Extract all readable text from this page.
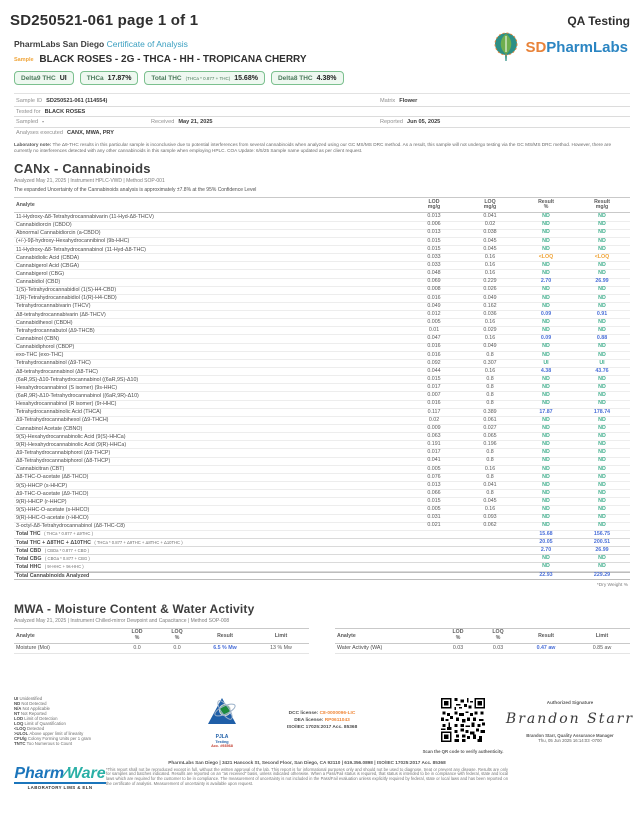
SD250521-061 page 1 of 1	QA Testing
PharmLabs San Diego Certificate of Analysis
Sample BLACK ROSES - 2G - THCA - HH - TROPICANA CHERRY
Delta9 THC UI	THCa 17.87%	Total THC (THCa * 0.877 + THC) 15.68%	Delta8 THC 4.38%
SDPharmLabs
Sample ID SD250521-061 (114554)	Matrix Flower
Tested for BLACK ROSES
Sampled -	Received May 21, 2025	Reported Jun 05, 2025
Analyses executed CANX, MWA, PRY
Laboratory note: The Δ9-THC results in this particular sample is inconclusive due to potential interferences from several cannabinoids when analyzed using our GC MS/MS DRC method. As a result, this sample will not undergo testing via the GC MS/MS DRC method. However, there are currently no interferences detected with any other cannabinoids in this sample when employing HPLC. COA Update: 6/5/25 Sample name updated as per client request.
CANx - Cannabinoids
Analyzed May 21, 2025 | Instrument HPLC-VWD | Method SOP-001
The expanded Uncertainty of the Cannabinoids analysis is approximately ±7.8% at the 95% Confidence Level
Analyte
LOD
mg/g
LOQ
mg/g
Result
%
Result
mg/g
11-Hydroxy-Δ8-Tetrahydrocannabivarin (11-Hyd-Δ8-THCV)	0.013	0.041	ND	ND
Cannabidiorcin (CBDO)	0.006	0.02	ND	ND
Abnormal Cannabidiorcin (a-CBDO)	0.013	0.038	ND	ND
(+/-)-9β-hydroxy-Hexahydrocannibinol (9b-HHC)	0.015	0.045	ND	ND
11-Hydroxy-Δ8-Tetrahydrocannabinol (11-Hyd-Δ8-THC)	0.015	0.045	ND	ND
Cannabidiolic Acid (CBDA)	0.033	0.16	<LOQ	<LOQ
Cannabigerol Acid (CBGA)	0.033	0.16	ND	ND
Cannabigerol (CBG)	0.048	0.16	ND	ND
Cannabidiol (CBD)	0.069	0.229	2.70	26.99
1(S)-Tetrahydrocannabidiol (1(S)-H4-CBD)	0.008	0.026	ND	ND
1(R)-Tetrahydrocannabidiol (1(R)-H4-CBD)	0.016	0.049	ND	ND
Tetrahydrocannabivarin (THCV)	0.049	0.162	ND	ND
Δ8-tetrahydrocannabivarin (Δ8-THCV)	0.012	0.036	0.09	0.91
Cannabidihexol (CBDH)	0.005	0.16	ND	ND
Tetrahydrocannabutol (Δ9-THCB)	0.01	0.029	ND	ND
Cannabinol (CBN)	0.047	0.16	0.09	0.88
Cannabidiphorol (CBDP)	0.016	0.049	ND	ND
exo-THC (exo-THC)	0.016	0.8	ND	ND
Tetrahydrocannabinol (Δ9-THC)	0.092	0.307	UI	UI
Δ8-tetrahydrocannabinol (Δ8-THC)	0.044	0.16	4.38	43.76
(6aR,9S)-Δ10-Tetrahydrocannabinol ((6aR,9S)-Δ10)	0.015	0.8	ND	ND
Hexahydrocannabinol (S isomer) (9s-HHC)	0.017	0.8	ND	ND
(6aR,9R)-Δ10-Tetrahydrocannabinol ((6aR,9R)-Δ10)	0.007	0.8	ND	ND
Hexahydrocannabinol (R isomer) (9r-HHC)	0.016	0.8	ND	ND
Tetrahydrocannabinolic Acid (THCA)	0.117	0.389	17.87	178.74
Δ9-Tetrahydrocannabihexol (Δ9-THCH)	0.02	0.061	ND	ND
Cannabinol Acetate (CBNO)	0.009	0.027	ND	ND
9(S)-Hexahydrocannabinolic Acid (9(S)-HHCa)	0.063	0.065	ND	ND
9(R)-Hexahydrocannabinolic Acid (9(R)-HHCa)	0.191	0.196	ND	ND
Δ9-Tetrahydrocannabiphorol (Δ9-THCP)	0.017	0.8	ND	ND
Δ8-Tetrahydrocannabiphorol (Δ8-THCP)	0.041	0.8	ND	ND
Cannabicitran (CBT)	0.005	0.16	ND	ND
Δ8-THC-O-acetate (Δ8-THCO)	0.076	0.8	ND	ND
9(S)-HHCP (s-HHCP)	0.013	0.041	ND	ND
Δ9-THC-O-acetate (Δ9-THCO)	0.066	0.8	ND	ND
9(R)-HHCP (r-HHCP)	0.015	0.045	ND	ND
9(S)-HHC-O-acetate (s-HHCO)	0.005	0.16	ND	ND
9(R)-HHC-O-acetate (r-HHCO)	0.031	0.093	ND	ND
3-octyl-Δ8-Tetrahydrocannabinol (Δ8-THC-C8)	0.021	0.062	ND	ND
Total THC ( THCa * 0.877 + Δ9THC )	15.68	156.75
Total THC + Δ8THC + Δ10THC ( THCa * 0.877 + Δ9THC + Δ8THC + Δ10THC )	20.05	200.51
Total CBD ( CBDa * 0.877 + CBD )	2.70	26.99
Total CBG ( CBGa * 0.877 + CBG )	ND	ND
Total HHC ( 9r-HHC + 9s-HHC )	ND	ND
Total Cannabinoids Analyzed	22.93	229.29
*Dry Weight %
MWA - Moisture Content & Water Activity
Analyzed May 21, 2025 | Instrument Chilled-mirror Dewpoint and Capacitance | Method SOP-008
Analyte
LOD
%
LOQ
%	Result	Limit
Moisture (Moi)	0.0	0.0	6.5 % Mw	13 % Mw
Analyte
LOD
%
LOQ
%	Result	Limit
Water Activity (WA)	0.03	0.03	0.47 aw	0.85 aw
UI Unidentified
ND Not Detected
N/A Not Applicable
NT Not Reported
LOD Limit of Detection
LOQ Limit of Quantification
<LOQ Detected
>ULOL Above upper limit of linearity
CFU/g Colony Forming Units per 1 gram
TNTC Too Numerous to Count
PJLA
Testing
Acc. #93568
DCC license: C8-0000096-LIC
DEA license: RP0611043
ISO/IEC 17025:2017 Acc. 85368
Scan the QR code to verify authenticity.
Authorized Signature
Brandon Starr
Brandon Starr, Quality Assurance Manager
Thu, 05 Jun 2025 16:14:03 -0700
Pharm∕Ware
LABORATORY LIMS & ELN
PharmLabs San Diego | 3421 Hancock St, Second Floor, San Diego, CA 92110 | 619.356.0898 | ISO/IEC 17025:2017 Acc. 85368
*This report shall not be reproduced except in full, without the written approval of the lab. This report is for informational purposes only and should not be used to diagnose, treat or prevent any disease. Results are only for samples and batches indicated. Results are reported on an "as received" basis, unless indicated otherwise. When a Pass/Fail status is required, that status is intended to be in compliance with federal, state and local laws which are required for the customer to be in compliance. The measurement of uncertainty is not included in the Pass/Fail evaluation unless explicitly required by federal, state or local laws and has been reported on the certificate of analysis. Measurement of uncertainty is available upon request.
